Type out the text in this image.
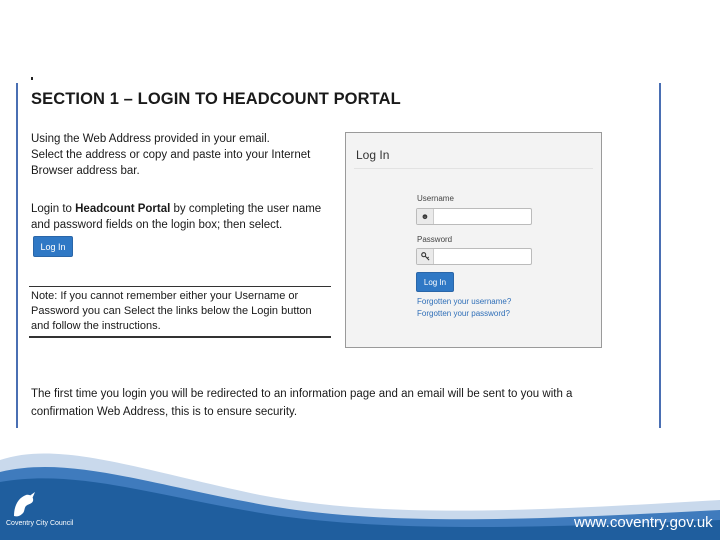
SECTION 1 – LOGIN TO HEADCOUNT PORTAL
Using the Web Address provided in your email.
Select the address or copy and paste into your Internet Browser address bar.
Login to Headcount Portal by completing the user name and password fields on the login box; then select.
Log In
Note: If you cannot remember either your Username or Password you can Select the links below the Login button and follow the instructions.
Log In
Username
☻
Password
Log In
Forgotten your username?
Forgotten your password?
The first time you login you will be redirected to an information page and an email will be sent to you with a confirmation Web Address, this is to ensure security.
Coventry City Council	www.coventry.gov.uk
